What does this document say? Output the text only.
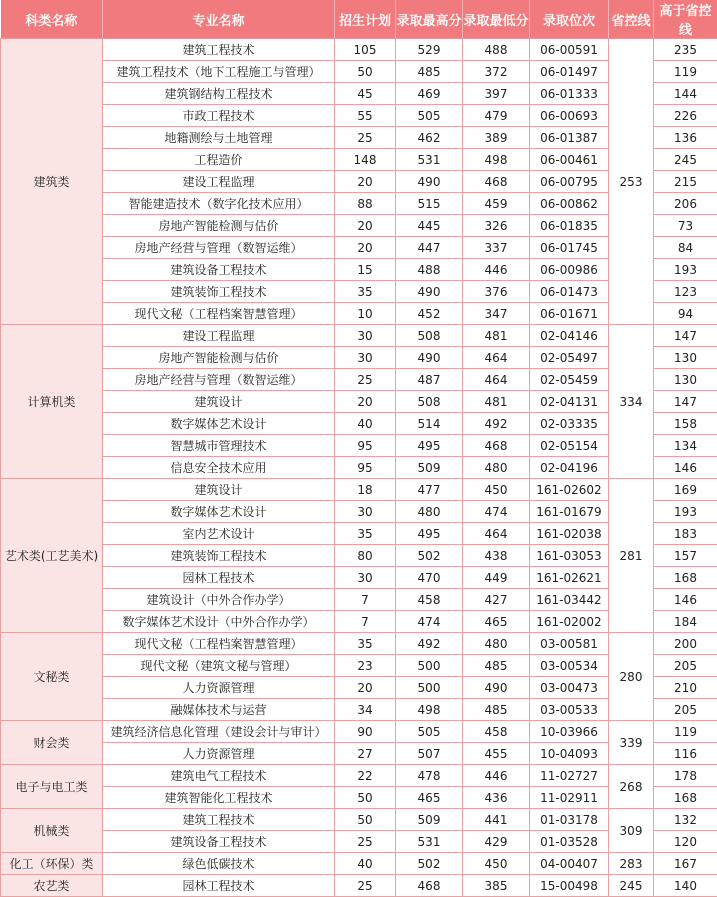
科类名称	专业名称	招生计划	录取最高分	录取最低分	录取位次	省控线	高于省控线
建筑类	建筑工程技术	105	529	488	06-00591	253	235
	建筑工程技术（地下工程施工与管理）	50	485	372	06-01497		119
	建筑钢结构工程技术	45	469	397	06-01333		144
	市政工程技术	55	505	479	06-00693		226
	地籍测绘与土地管理	25	462	389	06-01387		136
	工程造价	148	531	498	06-00461		245
	建设工程监理	20	490	468	06-00795		215
	智能建造技术（数字化技术应用）	88	515	459	06-00862		206
	房地产智能检测与估价	20	445	326	06-01835		73
	房地产经营与管理（数智运维）	20	447	337	06-01745		84
	建筑设备工程技术	15	488	446	06-00986		193
	建筑装饰工程技术	35	490	376	06-01473		123
	现代文秘（工程档案智慧管理）	10	452	347	06-01671		94
计算机类	建设工程监理	30	508	481	02-04146	334	147
	房地产智能检测与估价	30	490	464	02-05497		130
	房地产经营与管理（数智运维）	25	487	464	02-05459		130
	建筑设计	20	508	481	02-04131		147
	数字媒体艺术设计	40	514	492	02-03335		158
	智慧城市管理技术	95	495	468	02-05154		134
	信息安全技术应用	95	509	480	02-04196		146
艺术类(工艺美术)	建筑设计	18	477	450	161-02602	281	169
	数字媒体艺术设计	30	480	474	161-01679		193
	室内艺术设计	35	495	464	161-02038		183
	建筑装饰工程技术	80	502	438	161-03053		157
	园林工程技术	30	470	449	161-02621		168
	建筑设计（中外合作办学）	7	458	427	161-03442		146
	数字媒体艺术设计（中外合作办学）	7	474	465	161-02002		184
文秘类	现代文秘（工程档案智慧管理）	35	492	480	03-00581	280	200
	现代文秘（建筑文秘与管理）	23	500	485	03-00534		205
	人力资源管理	20	500	490	03-00473		210
	融媒体技术与运营	34	498	485	03-00533		205
财会类	建筑经济信息化管理（建设会计与审计）	90	505	458	10-03966	339	119
	人力资源管理	27	507	455	10-04093		116
电子与电工类	建筑电气工程技术	22	478	446	11-02727	268	178
	建筑智能化工程技术	50	465	436	11-02911		168
机械类	建筑工程技术	50	509	441	01-03178	309	132
	建筑设备工程技术	25	531	429	01-03528		120
化工（环保）类	绿色低碳技术	40	502	450	04-00407	283	167
农艺类	园林工程技术	25	468	385	15-00498	245	140
